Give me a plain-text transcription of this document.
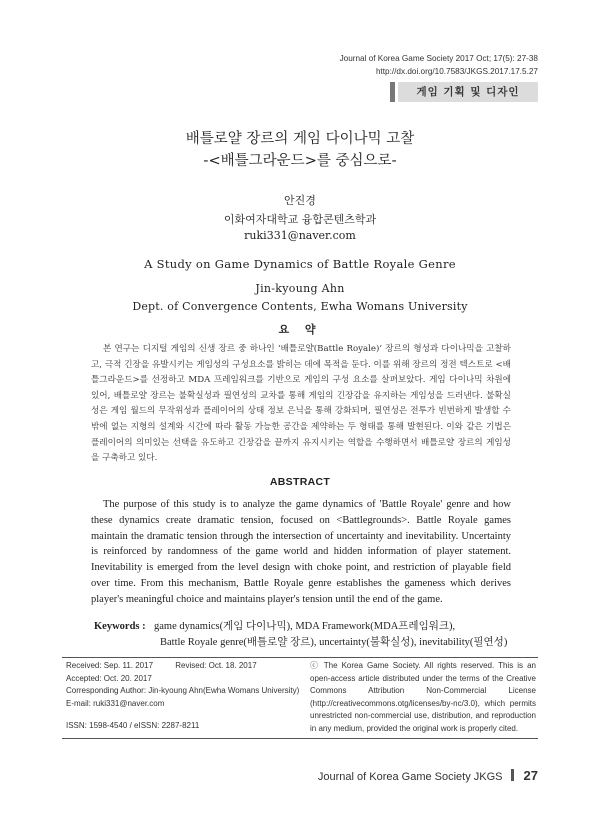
Journal of Korea Game Society 2017 Oct; 17(5): 27-38
http://dx.doi.org/10.7583/JKGS.2017.17.5.27
게임 기획 및 디자인
배틀로얄 장르의 게임 다이나믹 고찰
-<배틀그라운드>를 중심으로-
안진경
이화여자대학교 융합콘텐츠학과
ruki331@naver.com
A Study on Game Dynamics of Battle Royale Genre
Jin-kyoung Ahn
Dept. of Convergence Contents, Ewha Womans University
요 약
본 연구는 디지털 게임의 신생 장르 중 하나인 ‘배틀로얄(Battle Royale)’ 장르의 형성과 다이나믹을 고찰하고, 극적 긴장을 유발시키는 게임성의 구성요소를 밝히는 데에 목적을 둔다. 이를 위해 장르의 정전 텍스트로 <배틀그라운드>를 선정하고 MDA 프레임워크를 기반으로 게임의 구성 요소를 살펴보았다. 게임 다이나믹 차원에 있어, 배틀로얄 장르는 불확실성과 필연성의 교차를 통해 게임의 긴장감을 유지하는 게임성을 드러낸다. 불확실성은 게임 월드의 무작위성과 플레이어의 상태 정보 은닉을 통해 강화되며, 필연성은 전투가 빈번하게 발생할 수밖에 없는 지형의 설계와 시간에 따라 활동 가능한 공간을 제약하는 두 형태를 통해 발현된다. 이와 같은 기법은 플레이어의 의미있는 선택을 유도하고 긴장감을 끝까지 유지시키는 역할을 수행하면서 배틀로얄 장르의 게임성을 구축하고 있다.
ABSTRACT
The purpose of this study is to analyze the game dynamics of 'Battle Royale' genre and how these dynamics create dramatic tension, focused on <Battlegrounds>. Battle Royale games maintain the dramatic tension through the intersection of uncertainty and inevitability. Uncertainty is reinforced by randomness of the game world and hidden information of player statement. Inevitability is emerged from the level design with choke point, and restriction of playable field over time. From this mechanism, Battle Royale genre establishes the gameness which derives player's meaningful choice and maintains player's tension until the end of the game.
Keywords : game dynamics(게임 다이나믹), MDA Framework(MDA프레임워크),
Battle Royale genre(배틀로얄 장르), uncertainty(불확실성), inevitability(필연성)
Received: Sep. 11. 2017	Revised: Oct. 18. 2017
Accepted: Oct. 20. 2017
Corresponding Author: Jin-kyoung Ahn(Ewha Womans University)
E-mail: ruki331@naver.com
ISSN: 1598-4540 / eISSN: 2287-8211
ⓒ The Korea Game Society. All rights reserved. This is an open-access article distributed under the terms of the Creative Commons Attribution Non-Commercial License (http://creativecommons.otg/licenses/by-nc/3.0), which permits unrestricted non-commercial use, distribution, and reproduction in any medium, provided the original work is properly cited.
Journal of Korea Game Society JKGS 27
